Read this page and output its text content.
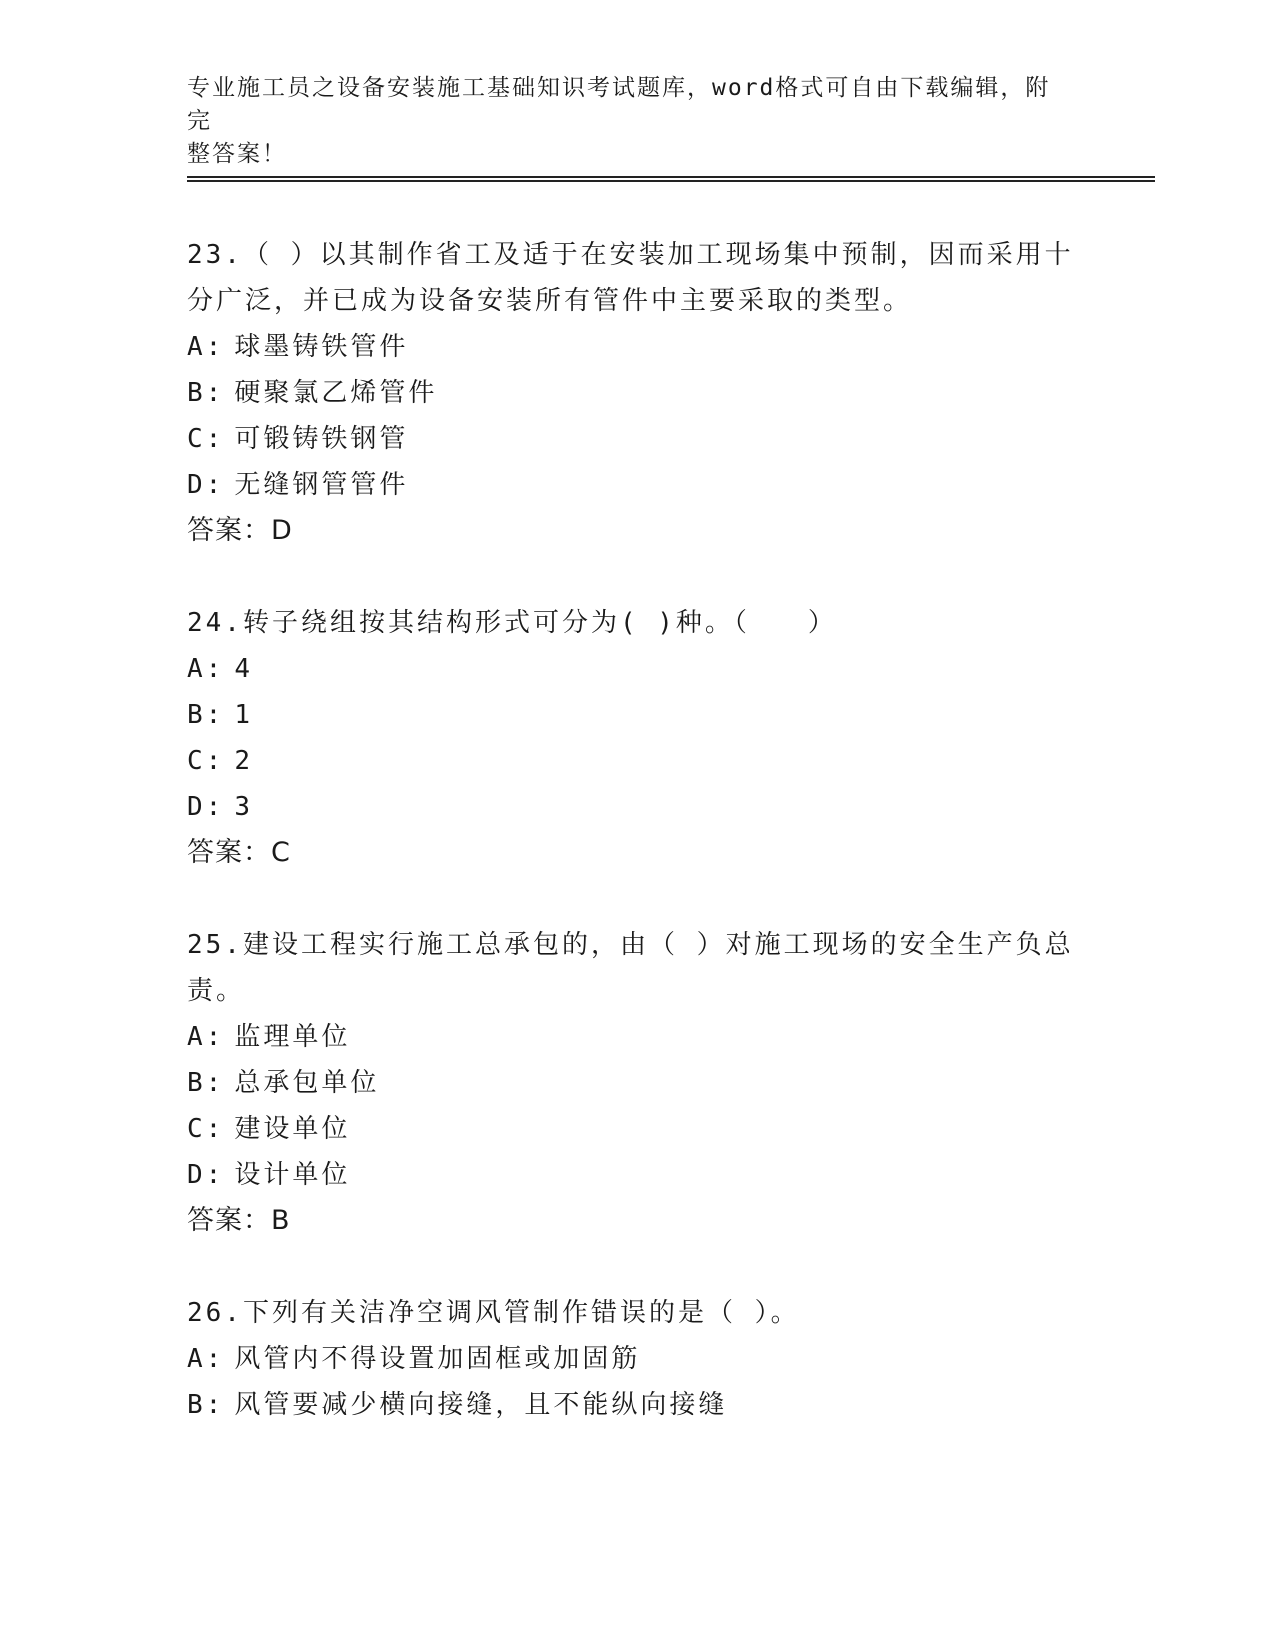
专业施工员之设备安装施工基础知识考试题库，word格式可自由下载编辑，附完
整答案！

23.（ ）以其制作省工及适于在安装加工现场集中预制，因而采用十分广泛，并已成为设备安装所有管件中主要采取的类型。

A: 球墨铸铁管件

B: 硬聚氯乙烯管件

C: 可锻铸铁钢管

D: 无缝钢管管件

答案：D

24.转子绕组按其结构形式可分为( )种。（　　）

A: 4

B: 1

C: 2

D: 3

答案：C

25.建设工程实行施工总承包的，由（ ）对施工现场的安全生产负总责。

A: 监理单位

B: 总承包单位

C: 建设单位

D: 设计单位

答案：B

26.下列有关洁净空调风管制作错误的是（ ）。

A: 风管内不得设置加固框或加固筋

B: 风管要减少横向接缝，且不能纵向接缝
